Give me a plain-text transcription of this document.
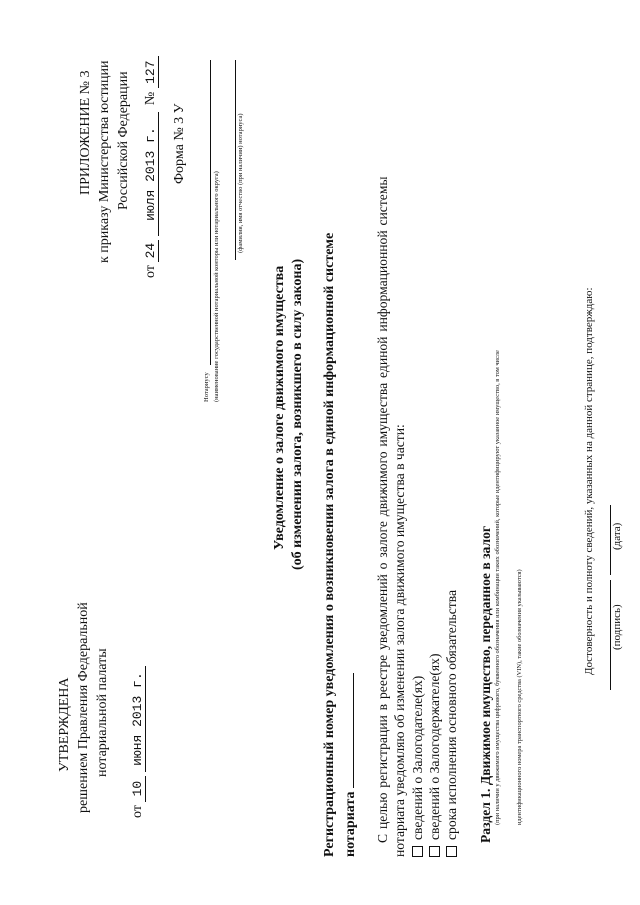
УТВЕРЖДЕНА решением Правления Федеральной нотариальной палаты
от 10 июня 2013 г.
ПРИЛОЖЕНИЕ № 3 к приказу Министерства юстиции Российской Федерации
от 24 июля 2013 г.  № 127
Форма № 3 У
Нотариусу (наименование государственной нотариальной конторы или нотариального округа)	(фамилия, имя отчество (при наличии) нотариуса)
Уведомление о залоге движимого имущества (об изменении залога, возникшего в силу закона) Регистрационный номер уведомления о возникновении залога в единой информационной системе нотариата С целью регистрации в реестре уведомлений о залоге движимого имущества единой информационной системы нотариата уведомляю об изменении залога движимого имущества в части: сведений о Залогодателе(ях) сведений о Залогодержателе(ях) срока исполнения основного обязательства Раздел 1. Движимое имущество, переданное в залог (при наличии у движимого имущества цифрового, буквенного обозначения или комбинации таких обозначений, которые идентифицируют указанное имущество, в том числе идентификационного номера транспортного средства (VIN), такие обозначения указываются)
Достоверность и полноту сведений, указанных на данной странице, подтверждаю: (подпись)
(дата)
